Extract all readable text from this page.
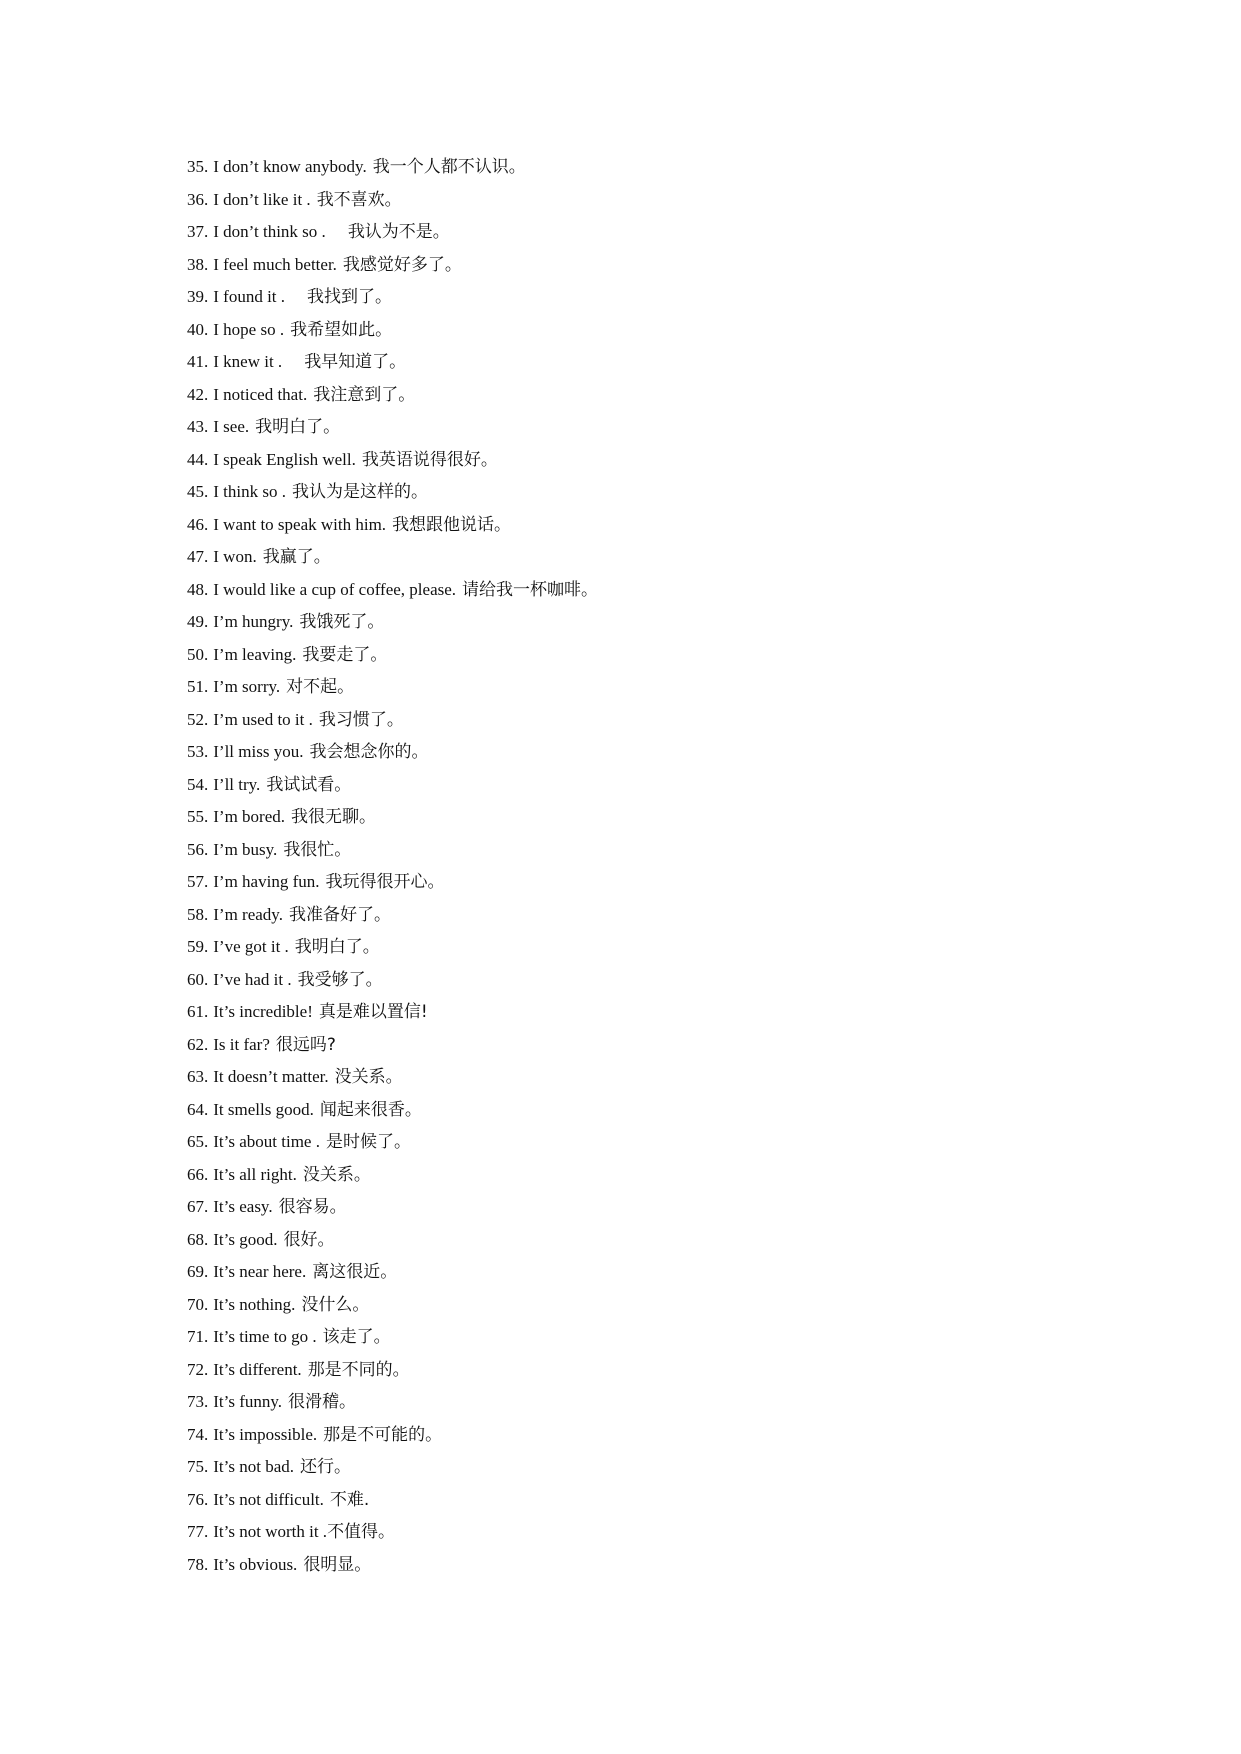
35. I don’t know anybody. 我一个人都不认识。
36. I don’t like it . 我不喜欢。
37. I don’t think so . 我认为不是。
38. I feel much better. 我感觉好多了。
39. I found it . 我找到了。
40. I hope so . 我希望如此。
41. I knew it . 我早知道了。
42. I noticed that. 我注意到了。
43. I see. 我明白了。
44. I speak English well. 我英语说得很好。
45. I think so . 我认为是这样的。
46. I want to speak with him. 我想跟他说话。
47. I won. 我赢了。
48. I would like a cup of coffee, please. 请给我一杯咖啡。
49. I’m hungry. 我饿死了。
50. I’m leaving. 我要走了。
51. I’m sorry. 对不起。
52. I’m used to it . 我习惯了。
53. I’ll miss you. 我会想念你的。
54. I’ll try. 我试试看。
55. I’m bored. 我很无聊。
56. I’m busy. 我很忙。
57. I’m having fun. 我玩得很开心。
58. I’m ready. 我准备好了。
59. I’ve got it . 我明白了。
60. I’ve had it . 我受够了。
61. It’s incredible! 真是难以置信!
62. Is it far? 很远吗?
63. It doesn’t matter. 没关系。
64. It smells good. 闻起来很香。
65. It’s about time . 是时候了。
66. It’s all right. 没关系。
67. It’s easy. 很容易。
68. It’s good. 很好。
69. It’s near here. 离这很近。
70. It’s nothing. 没什么。
71. It’s time to go . 该走了。
72. It’s different. 那是不同的。
73. It’s funny. 很滑稽。
74. It’s impossible. 那是不可能的。
75. It’s not bad. 还行。
76. It’s not difficult. 不难.
77. It’s not worth it .不值得。
78. It’s obvious. 很明显。
